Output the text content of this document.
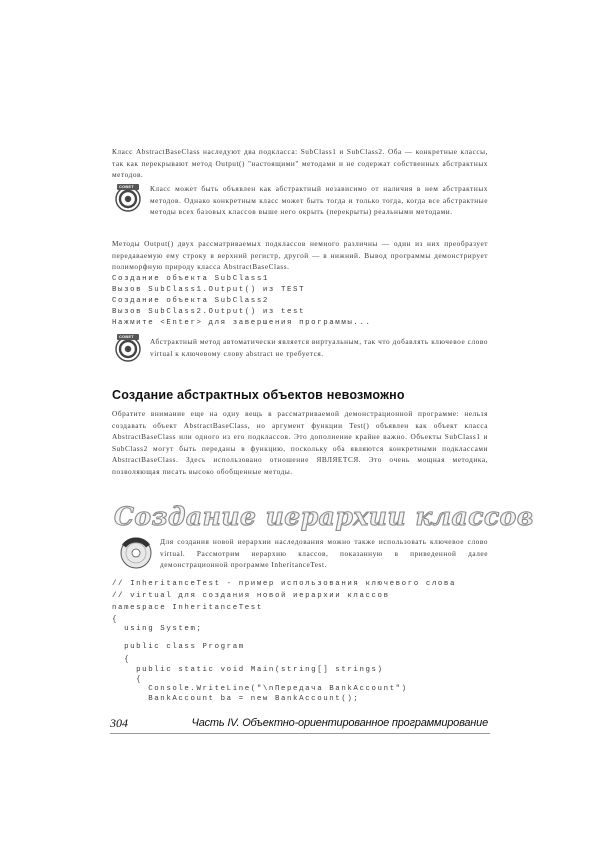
Класс AbstractBaseClass наследуют два подкласса: SubClass1 и SubClass2. Оба — конкретные классы, так как перекрывают метод Output() "настоящими" методами и не содержат собственных абстрактных методов.

СОВЕТ Класс может быть объявлен как абстрактный независимо от наличия в нем абстрактных методов. Однако конкретным класс может быть тогда и только тогда, когда все абстрактные методы всех базовых классов выше него окрыть (перекрыты) реальными методами.

Методы Output() двух рассматриваемых подклассов немного различны — один из них преобразует передаваемую ему строку в верхний регистр, другой — в нижний. Вывод программы демонстрирует полиморфную природу класса AbstractBaseClass.

Создание объекта SubClass1

Вызов SubClass1.Output() из TEST

Создание объекта SubClass2

Вызов SubClass2.Output() из test

Нажмите <Enter> для завершения программы...

СОВЕТ

Абстрактный метод автоматически является виртуальным, так что добавлять ключевое слово virtual к ключевому слову abstract не требуется.

Создание абстрактных объектов невозможно

Обратите внимание еще на одну вещь в рассматриваемой демонстрационной программе: нельзя создавать объект AbstractBaseClass, но аргумент функции Test() объявлен как объект класса AbstractBaseClass или одного из его подклассов. Это дополнение крайне важно. Объекты SubClass1 и SubClass2 могут быть переданы в функцию, поскольку оба являются конкретными подклассами AbstractBaseClass. Здесь использовано отношение ЯВЛЯЕТСЯ. Это очень мощная методика, позволяющая писать высоко обобщенные методы.

Создание иерархии классов
НА ПРИЛАГАЕМОМ ДИСКЕ

Для создания новой иерархии наследования можно также использовать ключевое слово virtual. Рассмотрим иерархию классов, показанную в приведенной далее демонстрационной программе InheritanceTest.

// InheritanceTest - пример использования ключевого слова

// virtual для создания новой иерархии классов

namespace InheritanceTest

{

using System;

public class Program

{

public static void Main(string[] strings)

{

Console.WriteLine("\nПередача BankAccount")

BankAccount ba = new BankAccount();

304	Часть IV. Объектно-ориентированное программирование
